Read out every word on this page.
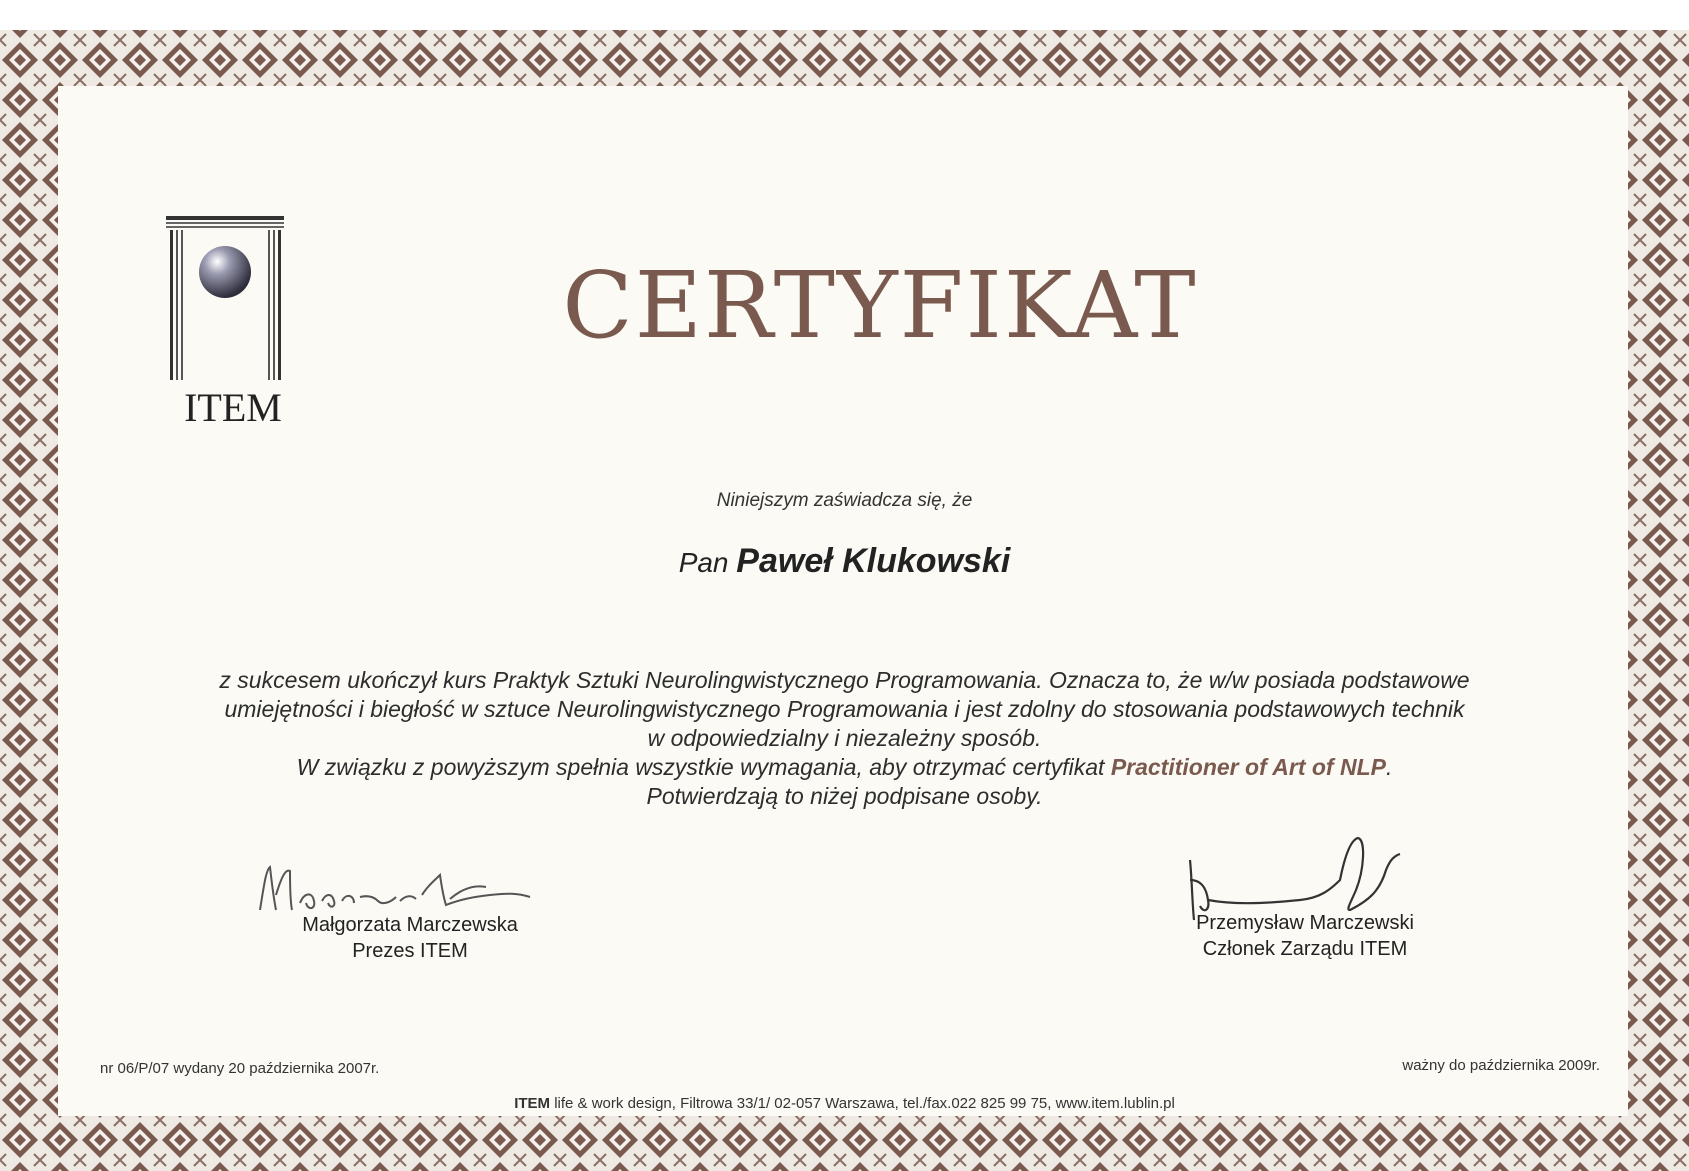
ITEM
CERTYFIKAT
Niniejszym zaświadcza się, że
Pan Paweł Klukowski
z sukcesem ukończył kurs Praktyk Sztuki Neurolingwistycznego Programowania. Oznacza to, że w/w posiada podstawowe
umiejętności i biegłość w sztuce Neurolingwistycznego Programowania i jest zdolny do stosowania podstawowych technik
w odpowiedzialny i niezależny sposób.
W związku z powyższym spełnia wszystkie wymagania, aby otrzymać certyfikat Practitioner of Art of NLP.
Potwierdzają to niżej podpisane osoby.
Małgorzata Marczewska
Prezes ITEM
Przemysław Marczewski
Członek Zarządu ITEM
nr 06/P/07 wydany 20 października 2007r.	ważny do października 2009r.
ITEM life & work design, Filtrowa 33/1/ 02-057 Warszawa, tel./fax.022 825 99 75, www.item.lublin.pl
